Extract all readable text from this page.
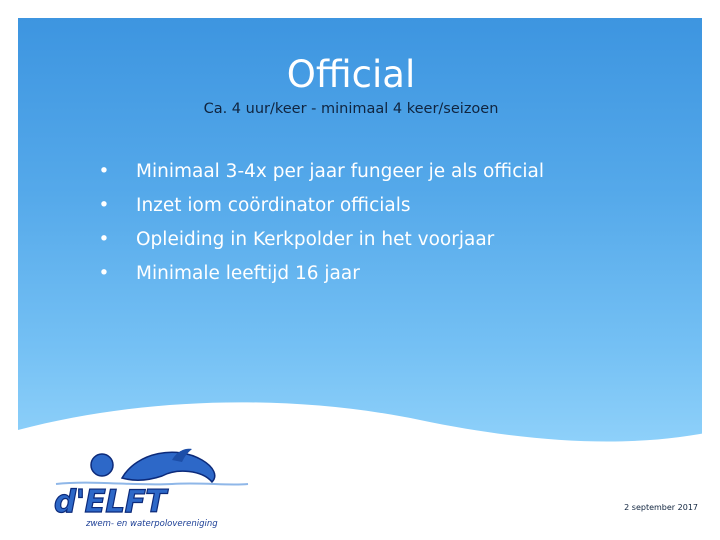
Official
Ca. 4 uur/keer - minimaal 4 keer/seizoen
• Minimaal 3-4x per jaar fungeer je als official
• Inzet iom coördinator officials
• Opleiding in Kerkpolder in het voorjaar
• Minimale leeftijd 16 jaar
d'ELFT
zwem- en waterpolovereniging
2 september 2017
